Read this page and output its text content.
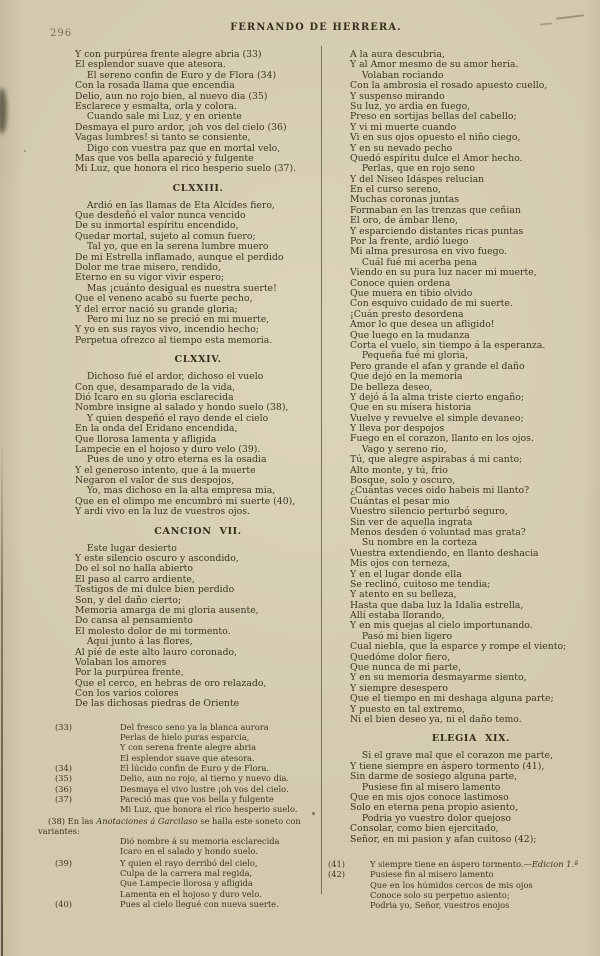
296
FERNANDO DE HERRERA.
Y con purpúrea frente alegre abria (33)
El esplendor suave que atesora.
El sereno confin de Euro y de Flora (34)
Con la rosada llama que encendia
Delio, aun no rojo bien, al nuevo dia (35)
Esclarece y esmalta, orla y colora.
Cuando sale mi Luz, y en oriente
Desmaya el puro ardor, ¡oh vos del cielo (36)
Vagas lumbres! si tanto se consiente,
Digo con vuestra paz que en mortal velo,
Mas que vos bella apareció y fulgente
Mi Luz, que honora el rico hesperio suelo (37).
CLXXIII.
Ardió en las llamas de Eta Alcídes fiero,
Que desdeñó el valor nunca vencido
De su inmortal espíritu encendido,
Quedar mortal, sujeto al comun fuero;
Tal yo, que en la serena lumbre muero
De mi Estrella inflamado, aunque el perdido
Dolor me trae misero, rendido,
Eterno en su vigor vivir espero;
Mas ¡cuánto desigual es nuestra suerte!
Que el veneno acabó su fuerte pecho,
Y del error nació su grande gloria;
Pero mi luz no se preció en mi muerte,
Y yo en sus rayos vivo, incendio hecho;
Perpetua ofrezco al tiempo esta memoria.
CLXXIV.
Dichoso fué el ardor, dichoso el vuelo
Con que, desamparado de la vida,
Dió Icaro en su gloria esclarecida
Nombre insigne al salado y hondo suelo (38),
Y quien despeñó el rayo dende el cielo
En la onda del Eridano encendida,
Que llorosa lamenta y afligida
Lampecie en el hojoso y duro velo (39).
Pues de uno y otro eterna es la osadia
Y el generoso intento, que á la muerte
Negaron el valor de sus despojos,
Yo, mas dichoso en la alta empresa mia,
Que en el olimpo me encumbró mi suerte (40),
Y ardi vivo en la luz de vuestros ojos.
CANCION VII.
Este lugar desierto
Y este silencio oscuro y ascondido,
Do el sol no halla abierto
El paso al carro ardiente,
Testigos de mi dulce bien perdido
Son, y del daño cierto;
Memoria amarga de mi gloria ausente,
Do cansa al pensamiento
El molesto dolor de mi tormento.
Aqui junto á las flores,
Al pié de este alto lauro coronado,
Volaban los amores
Por la purpúrea frente,
Que el cerco, en hebras de oro relazado,
Con los varios colores
De las dichosas piedras de Oriente
(33)	Del fresco seno ya la blanca aurora
Perlas de hielo puras esparcia,
Y con serena frente alegre abria
El esplendor suave que atesora.
(34)	El lúcido confin de Euro y de Flora.
(35)	Delio, aun no rojo, al tierno y nuevo dia.
(36)	Desmaya el vivo lustre ¡oh vos del cielo.
(37)	Pareció mas que vos bella y fulgente
Mi Luz, que honora el rico hesperio suelo.
(38) En las Anotaciones á Garcilaso se halla este soneto con variantes:
Dió nombre á su memoria esclarecida
Icaro en el salado y hondo suelo.
(39)	Y quien el rayo derribó del cielo,
Culpa de la carrera mal regida,
Que Lampecie llorosa y afligida
Lamenta en el hojoso y duro velo.
(40)	Pues al cielo llegué con nueva suerte.
A la aura descubria,
Y al Amor mesmo de su amor heria.
Volaban rociando
Con la ambrosia el rosado apuesto cuello,
Y suspenso mirando
Su luz, yo ardia en fuego,
Preso en sortijas bellas del cabello;
Y vi mi muerte cuando
Vi en sus ojos opuesto el niño ciego,
Y en su nevado pecho
Quedó espíritu dulce el Amor hecho.
Perlas, que en rojo seno
Y del Niseo Idáspes relucian
En el curso sereno,
Muchas coronas juntas
Formaban en las trenzas que ceñian
El oro, de ámbar lleno,
Y esparciendo distantes ricas puntas
Por la frente, ardió luego
Mi alma presurosa en vivo fuego.
Cuál fué mi acerba pena
Viendo en su pura luz nacer mi muerte,
Conoce quien ordena
Que muera en tibio olvido
Con esquivo cuidado de mi suerte.
¡Cuán presto desordena
Amor lo que desea un afligido!
Que luego en la mudanza
Corta el vuelo, sin tiempo á la esperanza.
Pequeña fué mi gloria,
Pero grande el afan y grande el daño
Que dejó en la memoria
De belleza deseo,
Y dejó á la alma triste cierto engaño;
Que en su mísera historia
Vuelve y revuelve el simple devaneo;
Y lleva por despojos
Fuego en el corazon, llanto en los ojos.
Vago y sereno rio,
Tú, que alegre aspirabas á mi canto;
Alto monte, y tú, frio
Bosque, solo y oscuro,
¿Cuántas veces oido habeis mi llanto?
Cuántas el pesar mio
Vuestro silencio perturbó seguro,
Sin ver de aquella ingrata
Menos desden ó voluntad mas grata?
Su nombre en la corteza
Vuestra extendiendo, en llanto deshacia
Mis ojos con terneza,
Y en el lugar donde ella
Se reclinó, cuitoso me tendia;
Y atento en su belleza,
Hasta que daba luz la Idalia estrella,
Allí estaba llorando,
Y en mis quejas al cielo importunando.
Pasó mi bien ligero
Cual niebla, que la esparce y rompe el viento;
Quedóme dolor fiero,
Que nunca de mi parte,
Y en su memoria desmayarme siento,
Y siempre desespero
Que el tiempo en mi deshaga alguna parte;
Y puesto en tal extremo,
Ni el bien deseo ya, ni el daño temo.
ELEGIA XIX.
Si el grave mal que el corazon me parte,
Y tiene siempre en áspero tormento (41),
Sin darme de sosiego alguna parte,
Pusiese fin al misero lamento
Que en mis ojos conoce lastimoso
Solo en eterna pena propio asiento,
Podria yo vuestro dolor quejoso
Consolar, como bien ejercitado,
Señor, en mi pasion y afan cuitoso (42);
(41)	Y siempre tiene en áspero tormento.—Edicion 1.ª
(42)	Pusiese fin al misero lamento
Que en los húmidos cercos de mis ojos
Conoce solo su perpetuo asiento;
Podria yo, Señor, vuestros enojos
